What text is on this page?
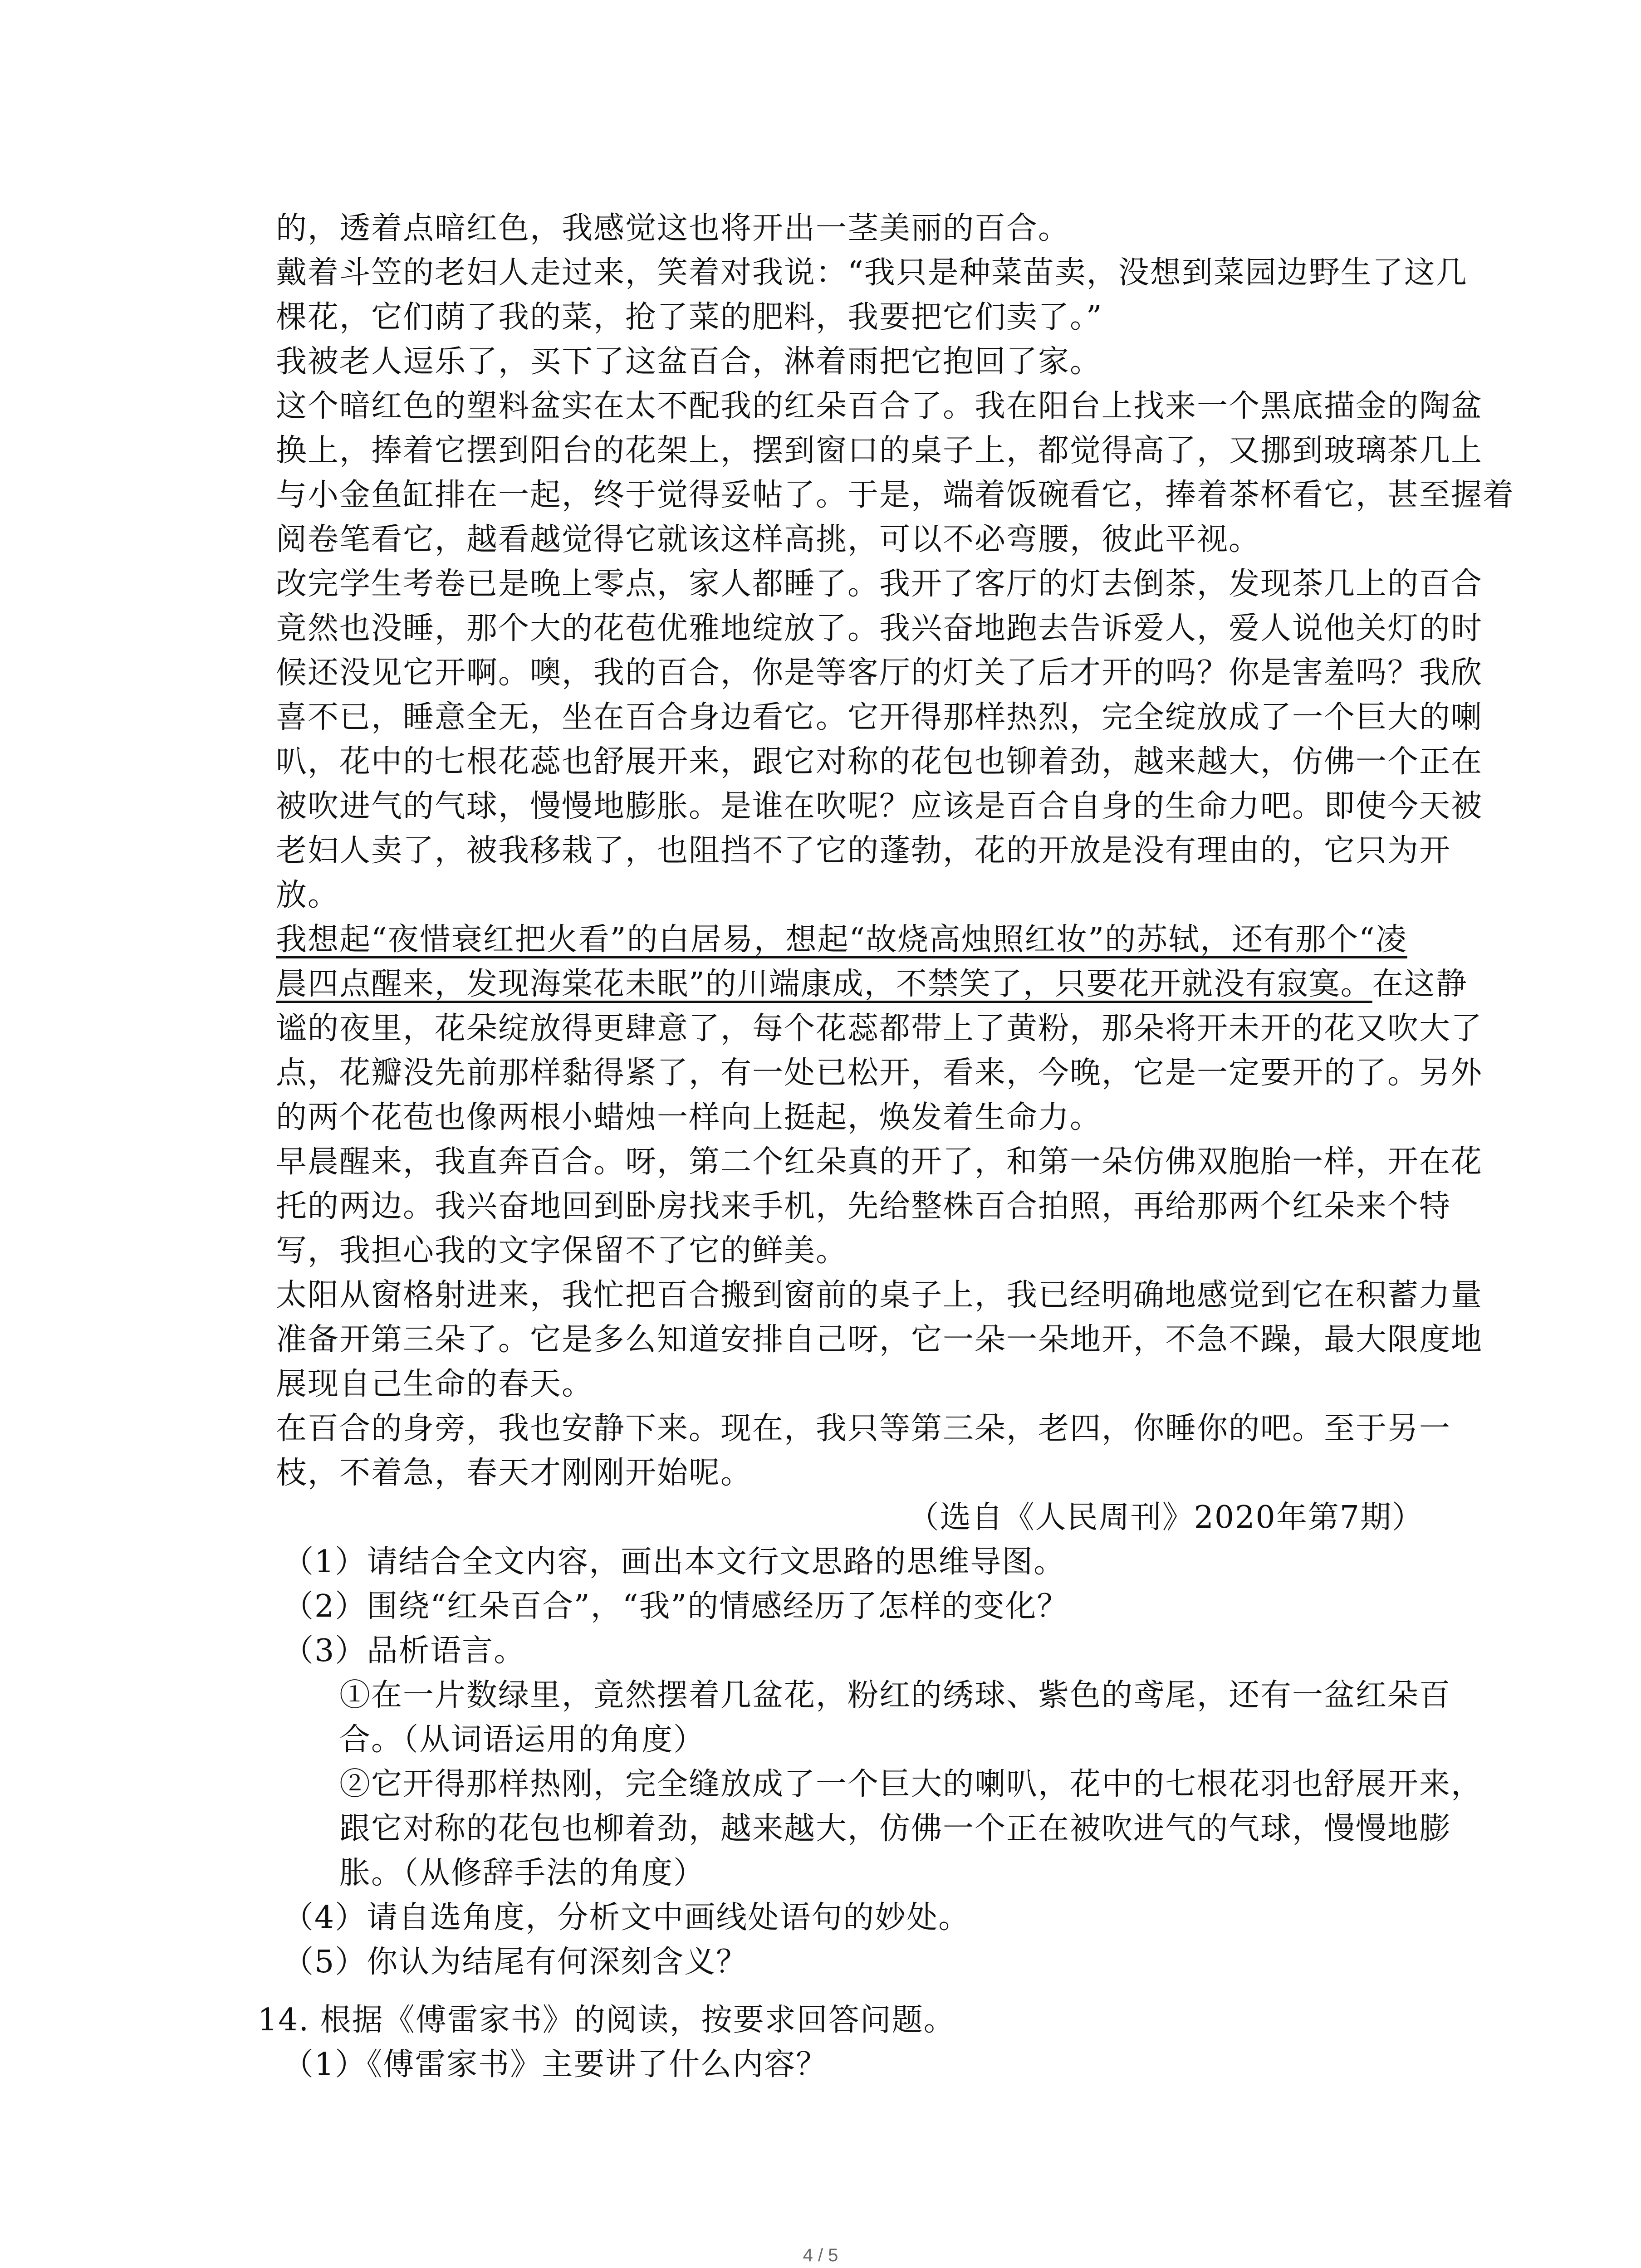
的，透着点暗红色，我感觉这也将开出一茎美丽的百合。
戴着斗笠的老妇人走过来，笑着对我说：“我只是种菜苗卖，没想到菜园边野生了这几
棵花，它们荫了我的菜，抢了菜的肥料，我要把它们卖了。”
我被老人逗乐了，买下了这盆百合，淋着雨把它抱回了家。
这个暗红色的塑料盆实在太不配我的红朵百合了。我在阳台上找来一个黑底描金的陶盆
换上，捧着它摆到阳台的花架上，摆到窗口的桌子上，都觉得高了，又挪到玻璃茶几上
与小金鱼缸排在一起，终于觉得妥帖了。于是，端着饭碗看它，捧着茶杯看它，甚至握着
阅卷笔看它，越看越觉得它就该这样高挑，可以不必弯腰，彼此平视。
改完学生考卷已是晚上零点，家人都睡了。我开了客厅的灯去倒茶，发现茶几上的百合
竟然也没睡，那个大的花苞优雅地绽放了。我兴奋地跑去告诉爱人，爱人说他关灯的时
候还没见它开啊。噢，我的百合，你是等客厅的灯关了后才开的吗？你是害羞吗？我欣
喜不已，睡意全无，坐在百合身边看它。它开得那样热烈，完全绽放成了一个巨大的喇
叭，花中的七根花蕊也舒展开来，跟它对称的花包也铆着劲，越来越大，仿佛一个正在
被吹进气的气球，慢慢地膨胀。是谁在吹呢？应该是百合自身的生命力吧。即使今天被
老妇人卖了，被我移栽了，也阻挡不了它的蓬勃，花的开放是没有理由的，它只为开
放。
我想起“夜惜衰红把火看”的白居易，想起“故烧高烛照红妆”的苏轼，还有那个“凌
晨四点醒来，发现海棠花未眠”的川端康成，不禁笑了，只要花开就没有寂寞。在这静
谧的夜里，花朵绽放得更肆意了，每个花蕊都带上了黄粉，那朵将开未开的花又吹大了
点，花瓣没先前那样黏得紧了，有一处已松开，看来，今晚，它是一定要开的了。另外
的两个花苞也像两根小蜡烛一样向上挺起，焕发着生命力。
早晨醒来，我直奔百合。呀，第二个红朵真的开了，和第一朵仿佛双胞胎一样，开在花
托的两边。我兴奋地回到卧房找来手机，先给整株百合拍照，再给那两个红朵来个特
写，我担心我的文字保留不了它的鲜美。
太阳从窗格射进来，我忙把百合搬到窗前的桌子上，我已经明确地感觉到它在积蓄力量
准备开第三朵了。它是多么知道安排自己呀，它一朵一朵地开，不急不躁，最大限度地
展现自己生命的春天。
在百合的身旁，我也安静下来。现在，我只等第三朵，老四，你睡你的吧。至于另一
枝，不着急，春天才刚刚开始呢。
（选自《人民周刊》2020年第7期）
（1）请结合全文内容，画出本文行文思路的思维导图。
（2）围绕“红朵百合”，“我”的情感经历了怎样的变化？
（3）品析语言。
①在一片数绿里，竟然摆着几盆花，粉红的绣球、紫色的鸢尾，还有一盆红朵百
合。（从词语运用的角度）
②它开得那样热刚，完全缝放成了一个巨大的喇叭，花中的七根花羽也舒展开来，
跟它对称的花包也柳着劲，越来越大，仿佛一个正在被吹进气的气球，慢慢地膨
胀。（从修辞手法的角度）
（4）请自选角度，分析文中画线处语句的妙处。
（5）你认为结尾有何深刻含义？
14. 根据《傅雷家书》的阅读，按要求回答问题。
（1）《傅雷家书》主要讲了什么内容？
4 / 5
